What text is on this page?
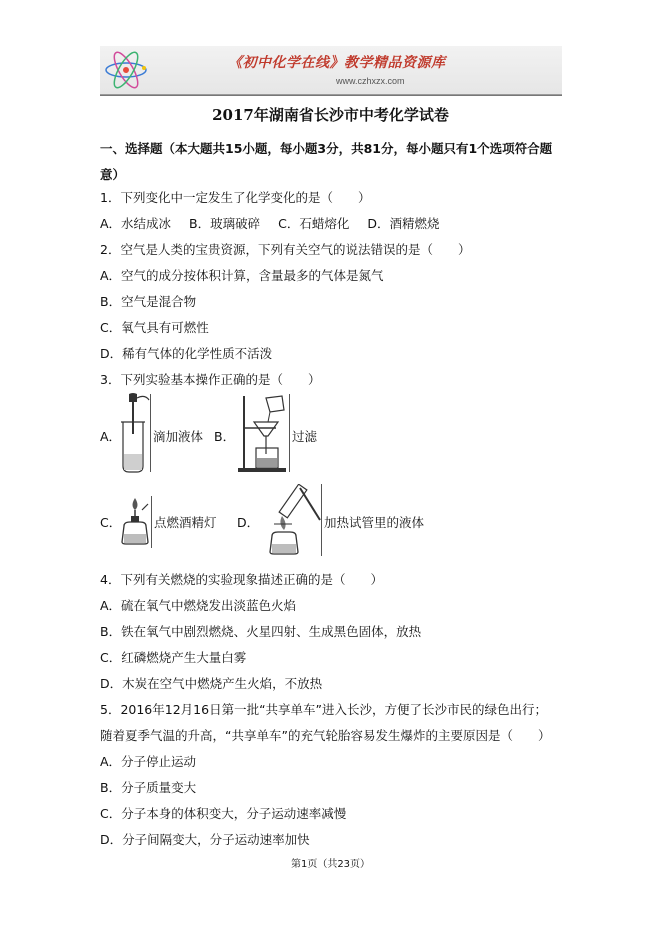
《初中化学在线》教学精品资源库
www.czhxzx.com
2017年湖南省长沙市中考化学试卷
一、选择题（本大题共15小题，每小题3分，共81分，每小题只有1个选项符合题意）
1．下列变化中一定发生了化学变化的是（　　）
A．水结成冰 B．玻璃破碎 C．石蜡熔化 D．酒精燃烧
2．空气是人类的宝贵资源，下列有关空气的说法错误的是（　　）
A．空气的成分按体积计算，含量最多的气体是氮气
B．空气是混合物
C．氧气具有可燃性
D．稀有气体的化学性质不活泼
3．下列实验基本操作正确的是（　　）
A．	滴加液体 B．	过滤
C．	点燃酒精灯 D．	加热试管里的液体
4．下列有关燃烧的实验现象描述正确的是（　　）
A．硫在氧气中燃烧发出淡蓝色火焰
B．铁在氧气中剧烈燃烧、火星四射、生成黑色固体，放热
C．红磷燃烧产生大量白雾
D．木炭在空气中燃烧产生火焰，不放热
5．2016年12月16日第一批“共享单车”进入长沙，方便了长沙市民的绿色出行；
随着夏季气温的升高，“共享单车”的充气轮胎容易发生爆炸的主要原因是（　　）
A．分子停止运动
B．分子质量变大
C．分子本身的体积变大，分子运动速率减慢
D．分子间隔变大，分子运动速率加快
第1页（共23页）
